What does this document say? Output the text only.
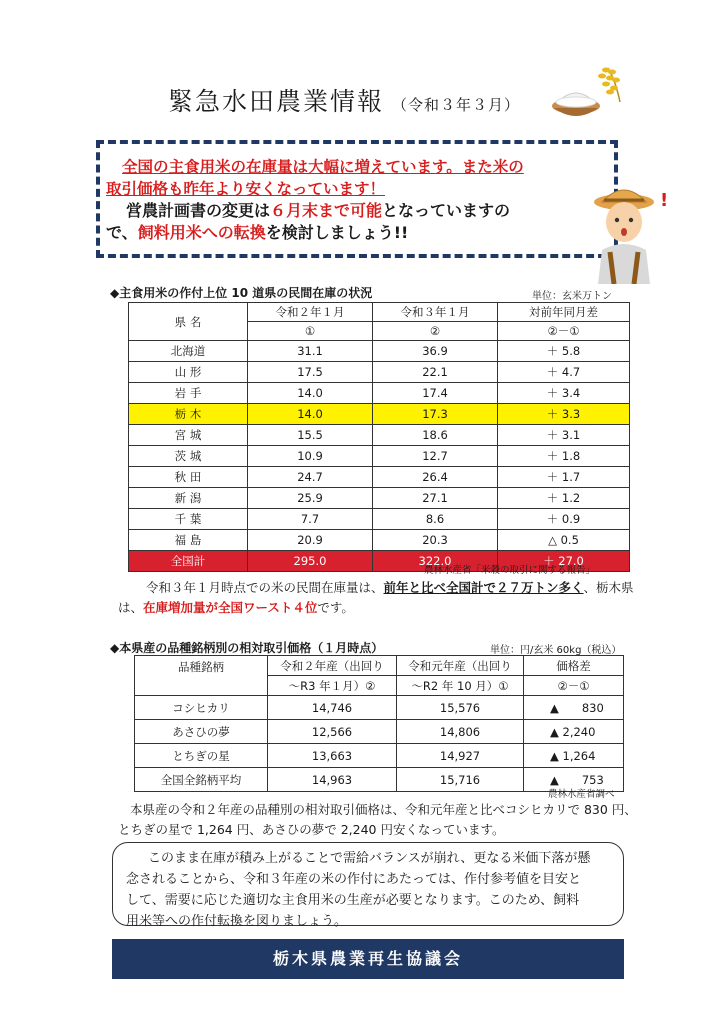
緊急水田農業情報 （令和３年３月）
全国の主食用米の在庫量は大幅に増えています。また米の
取引価格も昨年より安くなっています！
営農計画書の変更は６月末まで可能となっていますの
で、飼料用米への転換を検討しましょう!!
!
◆主食用米の作付上位 10 道県の民間在庫の状況	単位：玄米万トン
県 名	令和２年１月	令和３年１月	対前年同月差
	①	②	②－①
北海道	31.1	36.9	＋ 5.8
山 形	17.5	22.1	＋ 4.7
岩 手	14.0	17.4	＋ 3.4
栃 木	14.0	17.3	＋ 3.3
宮 城	15.5	18.6	＋ 3.1
茨 城	10.9	12.7	＋ 1.8
秋 田	24.7	26.4	＋ 1.7
新 潟	25.9	27.1	＋ 1.2
千 葉	7.7	8.6	＋ 0.9
福 島	20.9	20.3	△ 0.5
全国計	295.0	322.0	＋ 27.0
農林水産省「米穀の取引に関する報告」
令和３年１月時点での米の民間在庫量は、前年と比べ全国計で２７万トン多く、栃木県
は、在庫増加量が全国ワースト４位です。
◆本県産の品種銘柄別の相対取引価格（１月時点）	単位：円/玄米 60kg（税込）
品種銘柄	令和２年産（出回り	令和元年産（出回り	価格差
	～R3 年１月）②	～R2 年 10 月）①	②－①
コシヒカリ	14,746	15,576	▲　　830
あさひの夢	12,566	14,806	▲ 2,240
とちぎの星	13,663	14,927	▲ 1,264
全国全銘柄平均	14,963	15,716	▲　　753
農林水産省調べ
本県産の令和２年産の品種別の相対取引価格は、令和元年産と比べコシヒカリで 830 円、
とちぎの星で 1,264 円、あさひの夢で 2,240 円安くなっています。
このまま在庫が積み上がることで需給バランスが崩れ、更なる米価下落が懸
念されることから、令和３年産の米の作付にあたっては、作付参考値を目安と
して、需要に応じた適切な主食用米の生産が必要となります。このため、飼料
用米等への作付転換を図りましょう。
栃木県農業再生協議会
